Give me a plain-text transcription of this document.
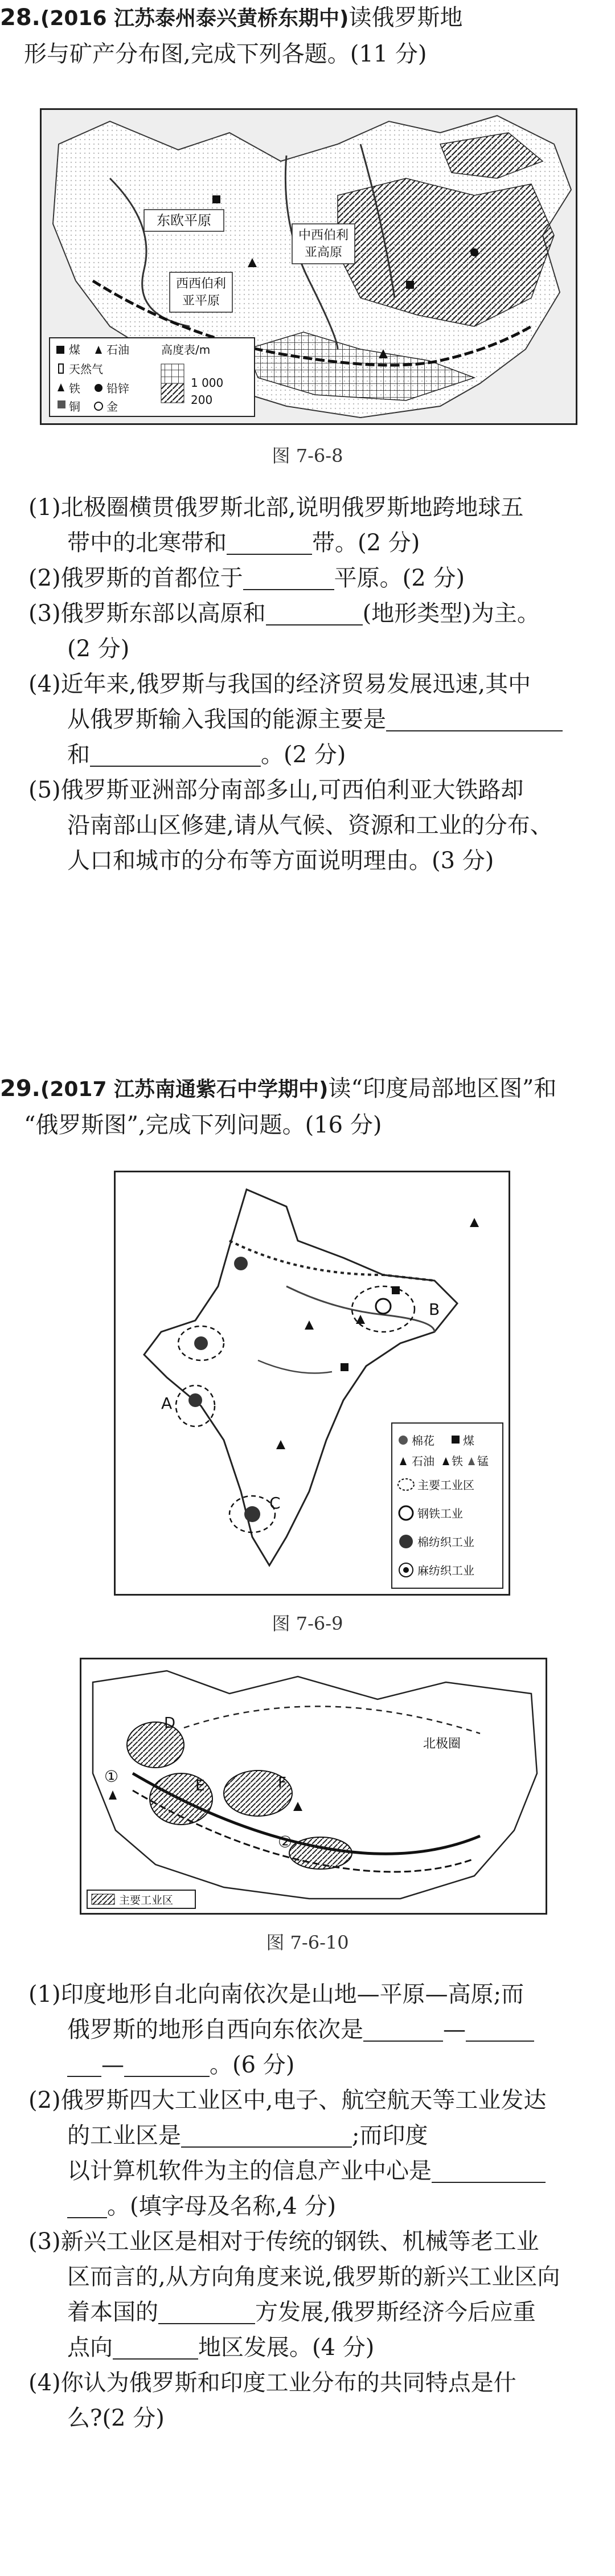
28.(2016 江苏泰州泰兴黄桥东期中)读俄罗斯地
形与矿产分布图,完成下列各题。(11 分)
东欧平原
西西伯利
亚平原
中西伯利
亚高原
煤 石油
天然气
铁 铅锌
铜 金
高度表/m
1 000
200
图 7-6-8
(1)北极圈横贯俄罗斯北部,说明俄罗斯地跨地球五
带中的北寒带和	带。(2 分)
(2)俄罗斯的首都位于	平原。(2 分)
(3)俄罗斯东部以高原和	(地形类型)为主。
(2 分)
(4)近年来,俄罗斯与我国的经济贸易发展迅速,其中
从俄罗斯输入我国的能源主要是
和	。(2 分)
(5)俄罗斯亚洲部分南部多山,可西伯利亚大铁路却
沿南部山区修建,请从气候、资源和工业的分布、
人口和城市的分布等方面说明理由。(3 分)
29.(2017 江苏南通紫石中学期中)读“印度局部地区图”和
“俄罗斯图”,完成下列问题。(16 分)
A
B
C
棉花	煤
石油 铁 锰
主要工业区
钢铁工业
棉纺织工业
麻纺织工业
图 7-6-9
北极圈
D
E	F
①
②
主要工业区
图 7-6-10
(1)印度地形自北向南依次是山地—平原—高原;而
俄罗斯的地形自西向东依次是	—
—	。(6 分)
(2)俄罗斯四大工业区中,电子、航空航天等工业发达
的工业区是	;而印度
以计算机软件为主的信息产业中心是
。(填字母及名称,4 分)
(3)新兴工业区是相对于传统的钢铁、机械等老工业
区而言的,从方向角度来说,俄罗斯的新兴工业区向
着本国的	方发展,俄罗斯经济今后应重
点向	地区发展。(4 分)
(4)你认为俄罗斯和印度工业分布的共同特点是什
么?(2 分)
